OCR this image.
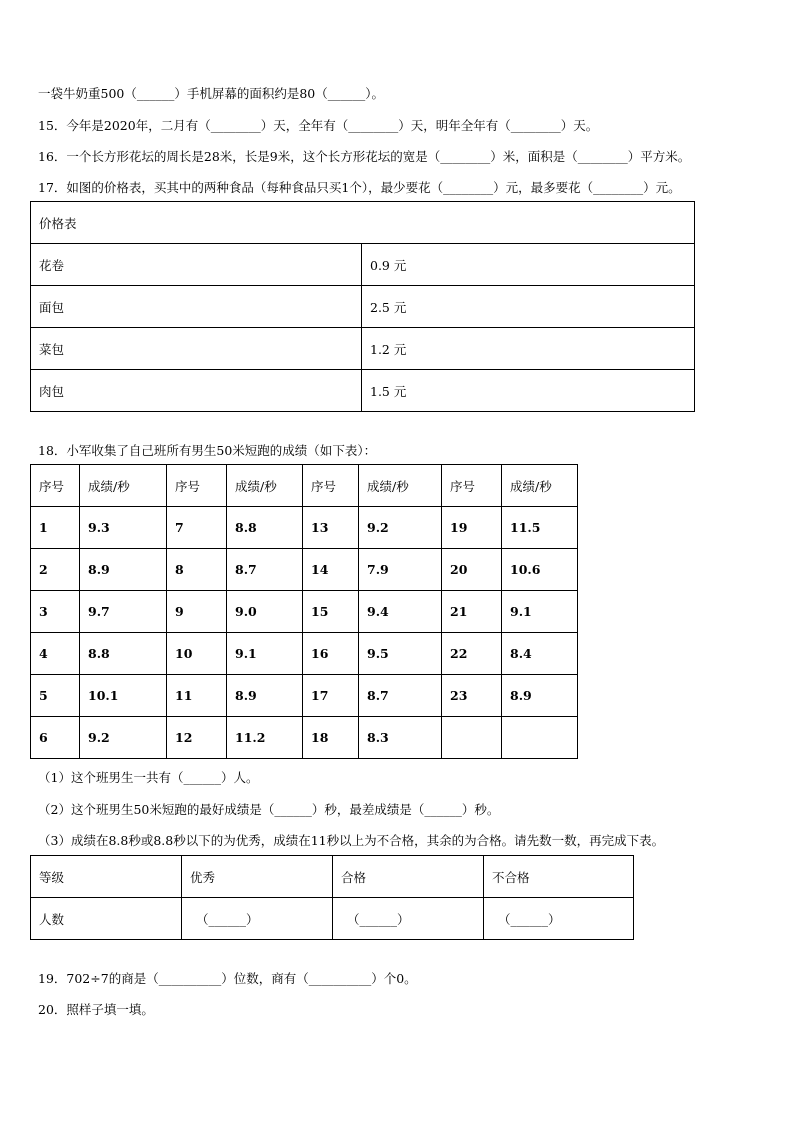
一袋牛奶重500（______）手机屏幕的面积约是80（______）。
15．今年是2020年，二月有（________）天，全年有（________）天，明年全年有（________）天。
16．一个长方形花坛的周长是28米，长是9米，这个长方形花坛的宽是（________）米，面积是（________）平方米。
17．如图的价格表，买其中的两种食品（每种食品只买1个），最少要花（________）元，最多要花（________）元。
价格表	
花卷	0.9 元
面包	2.5 元
菜包	1.2 元
肉包	1.5 元
18．小军收集了自己班所有男生50米短跑的成绩（如下表）：
序号	成绩/秒	序号	成绩/秒	序号	成绩/秒	序号	成绩/秒
1	9.3	7	8.8	13	9.2	19	11.5
2	8.9	8	8.7	14	7.9	20	10.6
3	9.7	9	9.0	15	9.4	21	9.1
4	8.8	10	9.1	16	9.5	22	8.4
5	10.1	11	8.9	17	8.7	23	8.9
6	9.2	12	11.2	18	8.3		
（1）这个班男生一共有（______）人。
（2）这个班男生50米短跑的最好成绩是（______）秒，最差成绩是（______）秒。
（3）成绩在8.8秒或8.8秒以下的为优秀，成绩在11秒以上为不合格，其余的为合格。请先数一数，再完成下表。
等级	优秀	合格	不合格
人数	（______）	（______）	（______）
19．702÷7的商是（__________）位数，商有（__________）个0。
20．照样子填一填。
